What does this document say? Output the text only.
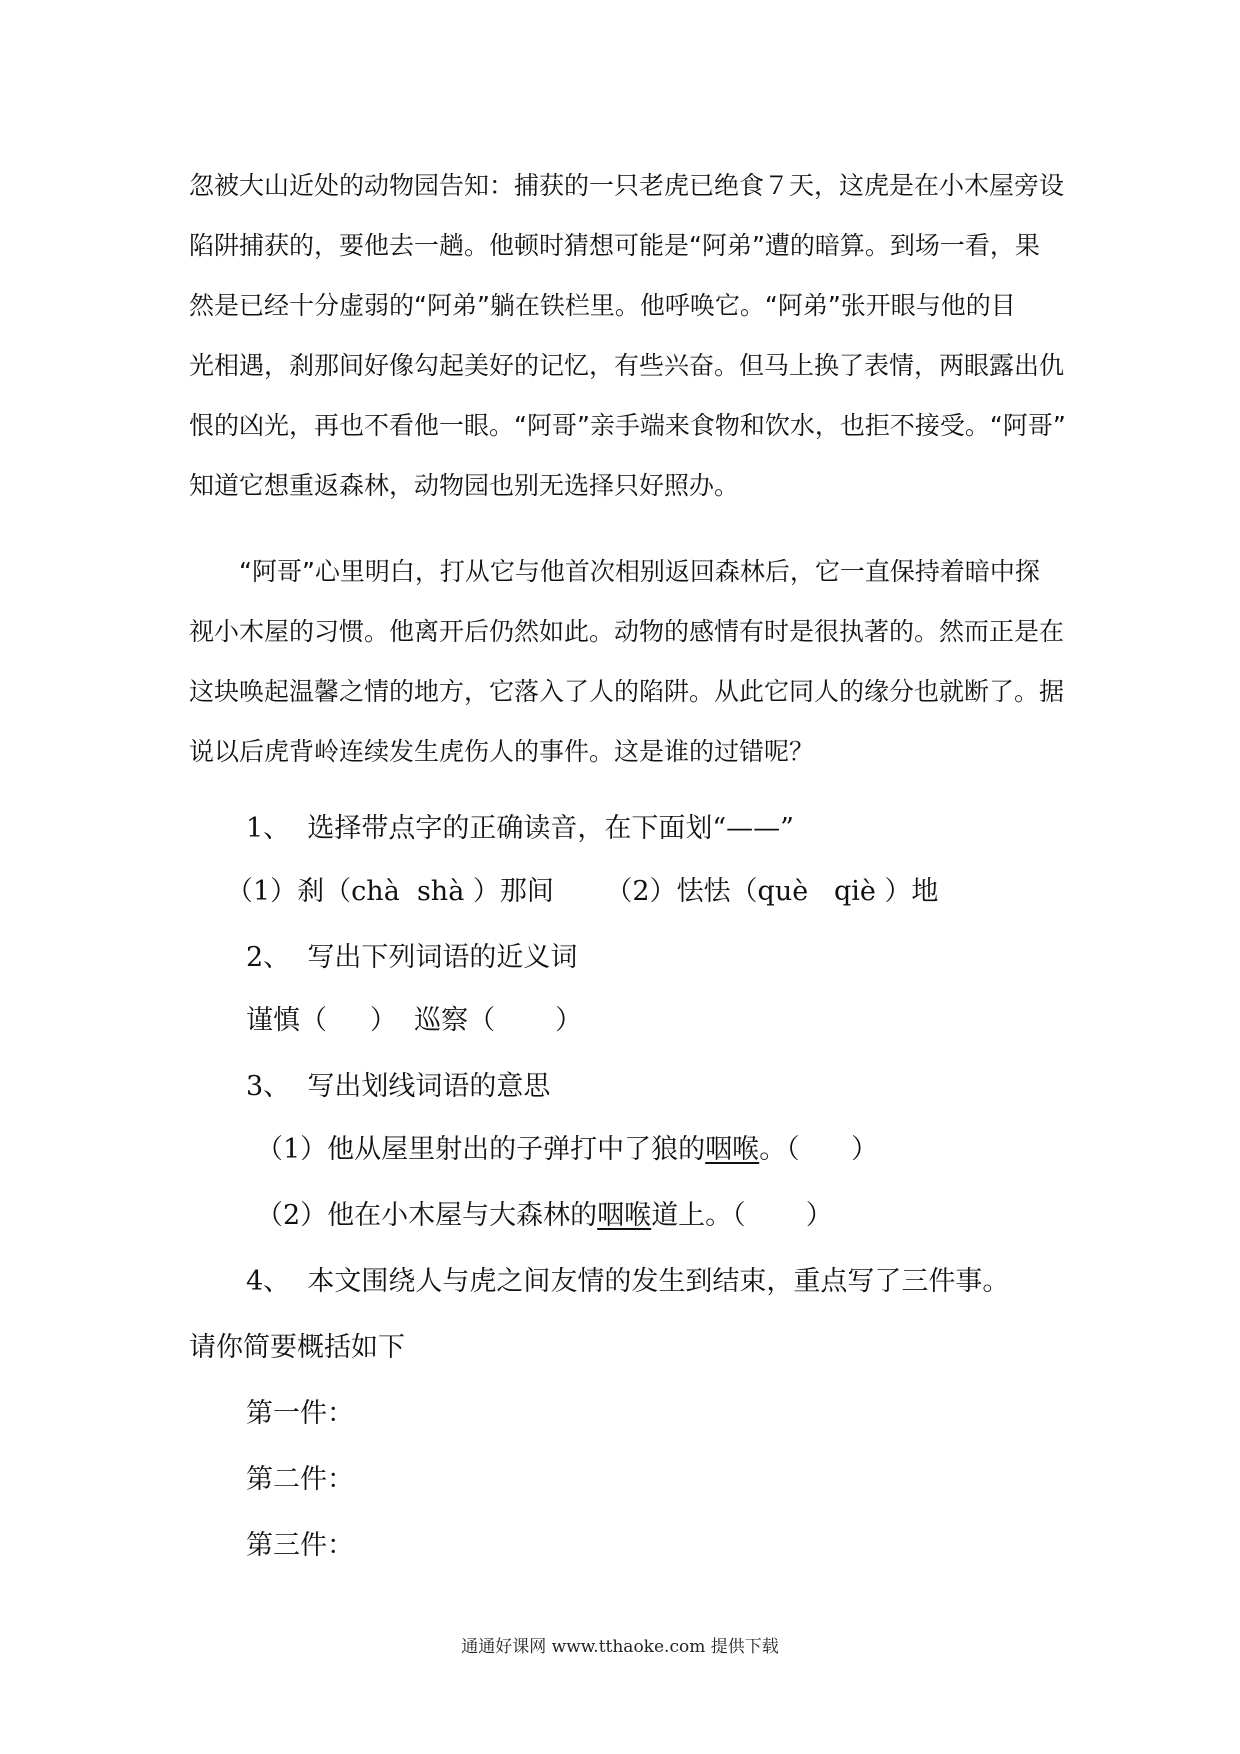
忽被大山近处的动物园告知：捕获的一只老虎已绝食７天，这虎是在小木屋旁设
陷阱捕获的，要他去一趟。他顿时猜想可能是“阿弟”遭的暗算。到场一看，果
然是已经十分虚弱的“阿弟”躺在铁栏里。他呼唤它。“阿弟”张开眼与他的目
光相遇，刹那间好像勾起美好的记忆，有些兴奋。但马上换了表情，两眼露出仇
恨的凶光，再也不看他一眼。“阿哥”亲手端来食物和饮水，也拒不接受。“阿哥”
知道它想重返森林，动物园也别无选择只好照办。
　　“阿哥”心里明白，打从它与他首次相别返回森林后，它一直保持着暗中探
视小木屋的习惯。他离开后仍然如此。动物的感情有时是很执著的。然而正是在
这块唤起温馨之情的地方，它落入了人的陷阱。从此它同人的缘分也就断了。据
说以后虎背岭连续发生虎伤人的事件。这是谁的过错呢？
1、  选择带点字的正确读音，在下面划“——”
（1）刹（chà  shà ）那间      （2）怯怯（què   qiè ）地
2、  写出下列词语的近义词
谨慎（     ）  巡察（       ）
3、  写出划线词语的意思
（1）他从屋里射出的子弹打中了狼的咽喉。（      ）
（2）他在小木屋与大森林的咽喉道上。（       ）
4、  本文围绕人与虎之间友情的发生到结束，重点写了三件事。
请你简要概括如下
第一件：
第二件：
第三件：
通通好课网 www.tthaoke.com 提供下载
